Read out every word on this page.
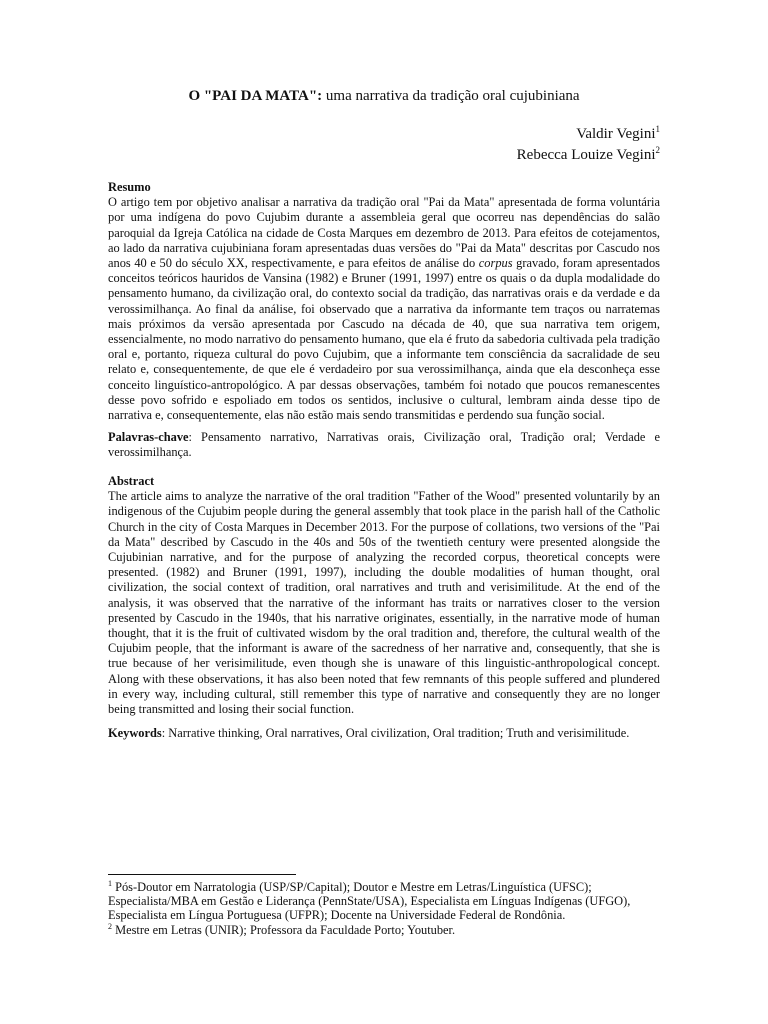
O "PAI DA MATA": uma narrativa da tradição oral cujubiniana
Valdir Vegini$^1$
Rebecca Louize Vegini$^2$
Resumo
O artigo tem por objetivo analisar a narrativa da tradição oral "Pai da Mata" apresentada de forma voluntária por uma indígena do povo Cujubim durante a assembleia geral que ocorreu nas dependências do salão paroquial da Igreja Católica na cidade de Costa Marques em dezembro de 2013. Para efeitos de cotejamentos, ao lado da narrativa cujubiniana foram apresentadas duas versões do "Pai da Mata" descritas por Cascudo nos anos 40 e 50 do século XX, respectivamente, e para efeitos de análise do corpus gravado, foram apresentados conceitos teóricos hauridos de Vansina (1982) e Bruner (1991, 1997) entre os quais o da dupla modalidade do pensamento humano, da civilização oral, do contexto social da tradição, das narrativas orais e da verdade e da verossimilhança. Ao final da análise, foi observado que a narrativa da informante tem traços ou narratemas mais próximos da versão apresentada por Cascudo na década de 40, que sua narrativa tem origem, essencialmente, no modo narrativo do pensamento humano, que ela é fruto da sabedoria cultivada pela tradição oral e, portanto, riqueza cultural do povo Cujubim, que a informante tem consciência da sacralidade de seu relato e, consequentemente, de que ele é verdadeiro por sua verossimilhança, ainda que ela desconheça esse conceito linguístico-antropológico. A par dessas observações, também foi notado que poucos remanescentes desse povo sofrido e espoliado em todos os sentidos, inclusive o cultural, lembram ainda desse tipo de narrativa e, consequentemente, elas não estão mais sendo transmitidas e perdendo sua função social.
Palavras-chave: Pensamento narrativo, Narrativas orais, Civilização oral, Tradição oral; Verdade e verossimilhança.
Abstract
The article aims to analyze the narrative of the oral tradition "Father of the Wood" presented voluntarily by an indigenous of the Cujubim people during the general assembly that took place in the parish hall of the Catholic Church in the city of Costa Marques in December 2013. For the purpose of collations, two versions of the "Pai da Mata" described by Cascudo in the 40s and 50s of the twentieth century were presented alongside the Cujubinian narrative, and for the purpose of analyzing the recorded corpus, theoretical concepts were presented. (1982) and Bruner (1991, 1997), including the double modalities of human thought, oral civilization, the social context of tradition, oral narratives and truth and verisimilitude. At the end of the analysis, it was observed that the narrative of the informant has traits or narratives closer to the version presented by Cascudo in the 1940s, that his narrative originates, essentially, in the narrative mode of human thought, that it is the fruit of cultivated wisdom by the oral tradition and, therefore, the cultural wealth of the Cujubim people, that the informant is aware of the sacredness of her narrative and, consequently, that she is true because of her verisimilitude, even though she is unaware of this linguistic-anthropological concept. Along with these observations, it has also been noted that few remnants of this people suffered and plundered in every way, including cultural, still remember this type of narrative and consequently they are no longer being transmitted and losing their social function.
Keywords: Narrative thinking, Oral narratives, Oral civilization, Oral tradition; Truth and verisimilitude.
$^1$ Pós-Doutor em Narratologia (USP/SP/Capital); Doutor e Mestre em Letras/Linguística (UFSC); Especialista/MBA em Gestão e Liderança (PennState/USA), Especialista em Línguas Indígenas (UFGO), Especialista em Língua Portuguesa (UFPR); Docente na Universidade Federal de Rondônia.
$^2$ Mestre em Letras (UNIR); Professora da Faculdade Porto; Youtuber.
